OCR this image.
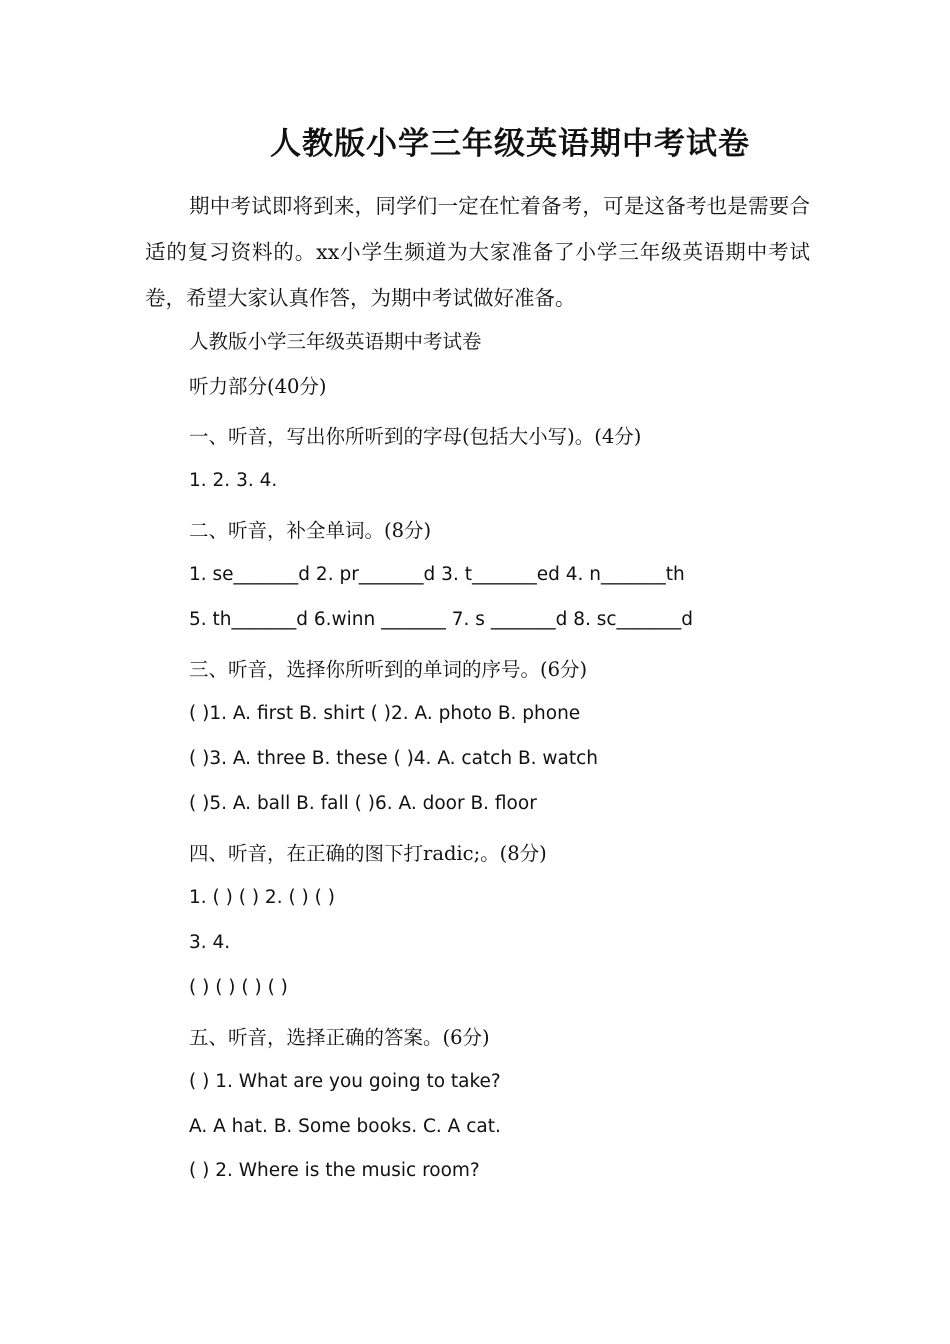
人教版小学三年级英语期中考试卷
期中考试即将到来，同学们一定在忙着备考，可是这备考也是需要合适的复习资料的。xx小学生频道为大家准备了小学三年级英语期中考试卷，希望大家认真作答，为期中考试做好准备。
人教版小学三年级英语期中考试卷
听力部分(40分)
一、听音，写出你所听到的字母(包括大小写)。(4分)
1. 2. 3. 4.
二、听音，补全单词。(8分)
1. se_______d 2. pr_______d 3. t_______ed 4. n_______th
5. th_______d 6.winn _______ 7. s _______d 8. sc_______d
三、听音，选择你所听到的单词的序号。(6分)
( )1. A. first B. shirt ( )2. A. photo B. phone
( )3. A. three B. these ( )4. A. catch B. watch
( )5. A. ball B. fall ( )6. A. door B. floor
四、听音，在正确的图下打radic;。(8分)
1. ( ) ( ) 2. ( ) ( )
3. 4.
( ) ( ) ( ) ( )
五、听音，选择正确的答案。(6分)
( ) 1. What are you going to take?
A. A hat. B. Some books. C. A cat.
( ) 2. Where is the music room?
